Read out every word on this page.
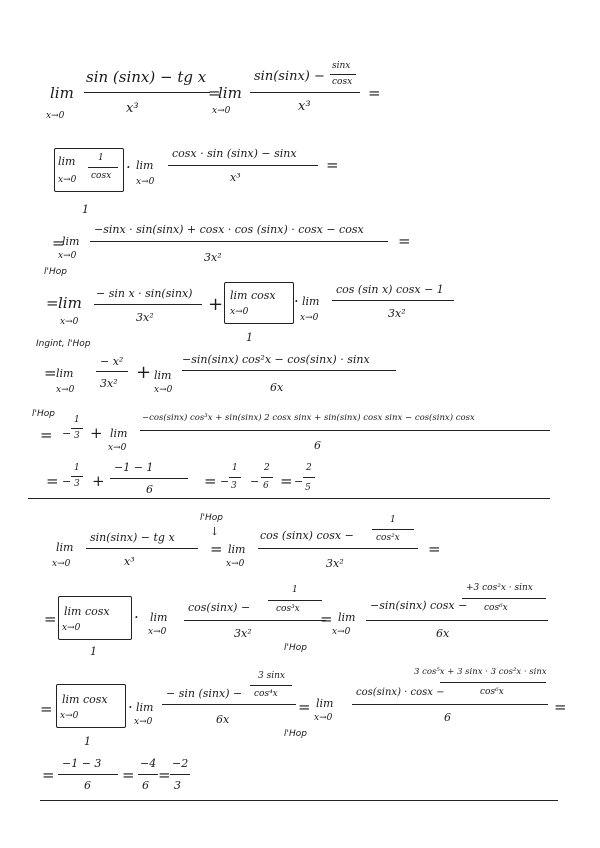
lim
x→0
sin (sinx) − tg x
x³
=
lim
x→0
sin(sinx) −
sinx
cosx
x³
=
lim
x→0
1
cosx · lim
x→0
cosx · sin (sinx) − sinx
x³
=
1
=
lim
x→0
−sinx · sin(sinx) + cosx · cos (sinx) · cosx − cosx
3x²
=
l'Hop
= lim
x→0
− sin x · sin(sinx)
3x²
+ lim cosx
x→0
· lim
x→0
cos (sin x) cosx − 1
3x²
1
Ingint, l'Hop
= lim
x→0
− x²
3x²
+ lim
x→0
−sin(sinx) cos²x − cos(sinx) · sinx
6x
l'Hop
= −
1
3 + lim
x→0
−cos(sinx) cos³x + sin(sinx) 2 cosx sinx + sin(sinx) cosx sinx − cos(sinx) cosx
6
= −
1
3 +
−1 − 1
6	= −
1
3 −
2
6 = −
2
5
l'Hop
↓
lim
x→0
sin(sinx) − tg x
x³
= lim
x→0
cos (sinx) cosx −
1
cos²x
3x²
=
= lim cosx
x→0
· lim
x→0
cos(sinx) −
1
cos³x
3x²
= lim
x→0
−sin(sinx) cosx −
+3 cos²x · sinx
cos⁶x
6x
1	l'Hop
=
lim cosx
x→0	· lim
x→0
− sin (sinx) −
3 sinx
cos⁴x
6x
= lim
x→0
cos(sinx) · cosx −
3 cos⁵x + 3 sinx · 3 cos²x · sinx
cos⁶x
6
=
1
l'Hop
=
−1 − 3
6
=
−4
6
=
−2
3
